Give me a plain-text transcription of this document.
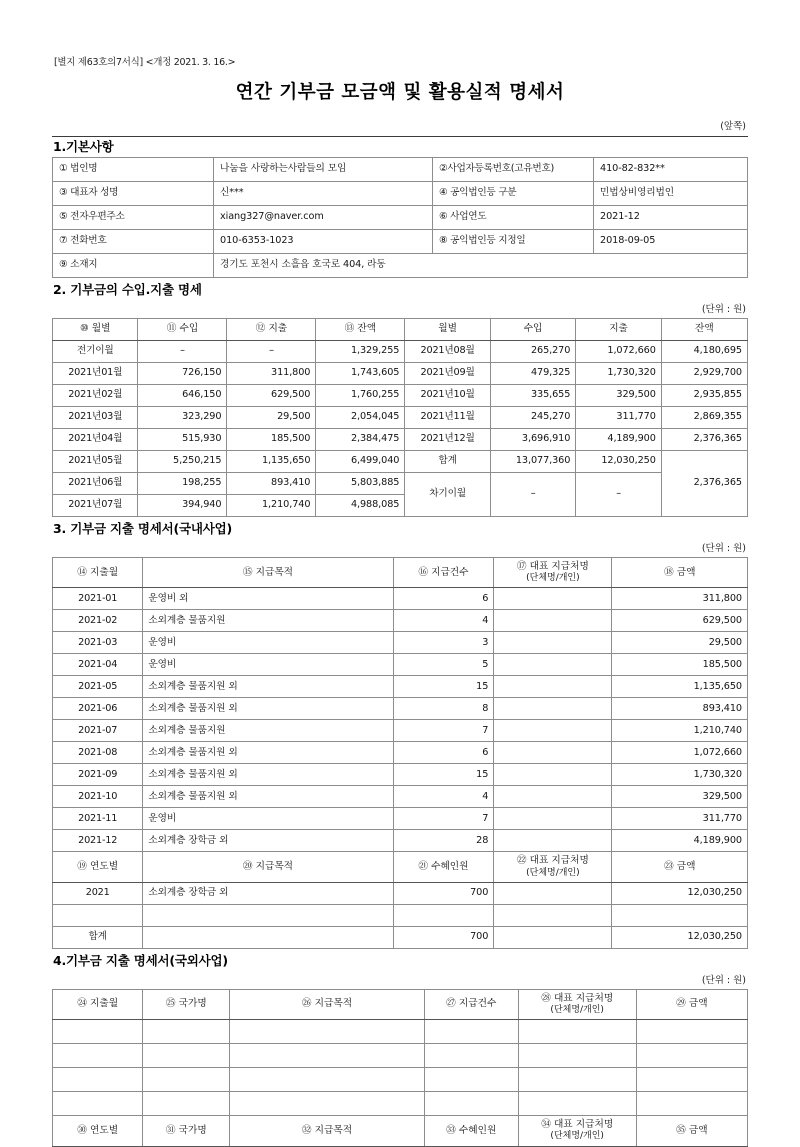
[별지 제63호의7서식] <개정 2021. 3. 16.>
연간 기부금 모금액 및 활용실적 명세서
(앞쪽)
1.기본사항
① 법인명	나눔을 사랑하는사람들의 모임	②사업자등록번호(고유번호)	410-82-832**
③ 대표자 성명	신***	④ 공익법인등 구분	민법상비영리법인
⑤ 전자우편주소	xiang327@naver.com	⑥ 사업연도	2021-12
⑦ 전화번호	010-6353-1023	⑧ 공익법인등 지정일	2018-09-05
⑨ 소재지	경기도 포천시 소흘읍 호국로 404, 라동		
2. 기부금의 수입.지출 명세
(단위 : 원)
⑩ 월별	⑪ 수입	⑫ 지출	⑬ 잔액	월별	수입	지출	잔액
전기이월	–	–	1,329,255	2021년08월	265,270	1,072,660	4,180,695
2021년01월	726,150	311,800	1,743,605	2021년09월	479,325	1,730,320	2,929,700
2021년02월	646,150	629,500	1,760,255	2021년10월	335,655	329,500	2,935,855
2021년03월	323,290	29,500	2,054,045	2021년11월	245,270	311,770	2,869,355
2021년04월	515,930	185,500	2,384,475	2021년12월	3,696,910	4,189,900	2,376,365
2021년05월	5,250,215	1,135,650	6,499,040	합계	13,077,360	12,030,250	2,376,365
2021년06월	198,255	893,410	5,803,885	차기이월	–	–	
2021년07월	394,940	1,210,740	4,988,085				
3. 기부금 지출 명세서(국내사업)
(단위 : 원)
⑭ 지출월	⑮ 지급목적	⑯ 지급건수	⑰ 대표 지급처명
(단체명/개인)	⑱ 금액
2021-01	운영비 외	6		311,800
2021-02	소외계층 물품지원	4		629,500
2021-03	운영비	3		29,500
2021-04	운영비	5		185,500
2021-05	소외계층 물품지원 외	15		1,135,650
2021-06	소외계층 물품지원 외	8		893,410
2021-07	소외계층 물품지원	7		1,210,740
2021-08	소외계층 물품지원 외	6		1,072,660
2021-09	소외계층 물품지원 외	15		1,730,320
2021-10	소외계층 물품지원 외	4		329,500
2021-11	운영비	7		311,770
2021-12	소외계층 장학금 외	28		4,189,900
⑲ 연도별	⑳ 지급목적	㉑ 수혜인원	㉒ 대표 지급처명
(단체명/개인)	㉓ 금액
2021	소외계층 장학금 외	700		12,030,250

합계		700		12,030,250
4.기부금 지출 명세서(국외사업)
(단위 : 원)
㉔ 지출월	㉕ 국가명	㉖ 지급목적	㉗ 지급건수	㉘ 대표 지급처명
(단체명/개인)	㉙ 금액

㉚ 연도별	㉛ 국가명	㉜ 지급목적	㉝ 수혜인원	㉞ 대표 지급처명
(단체명/개인)	㉟ 금액
